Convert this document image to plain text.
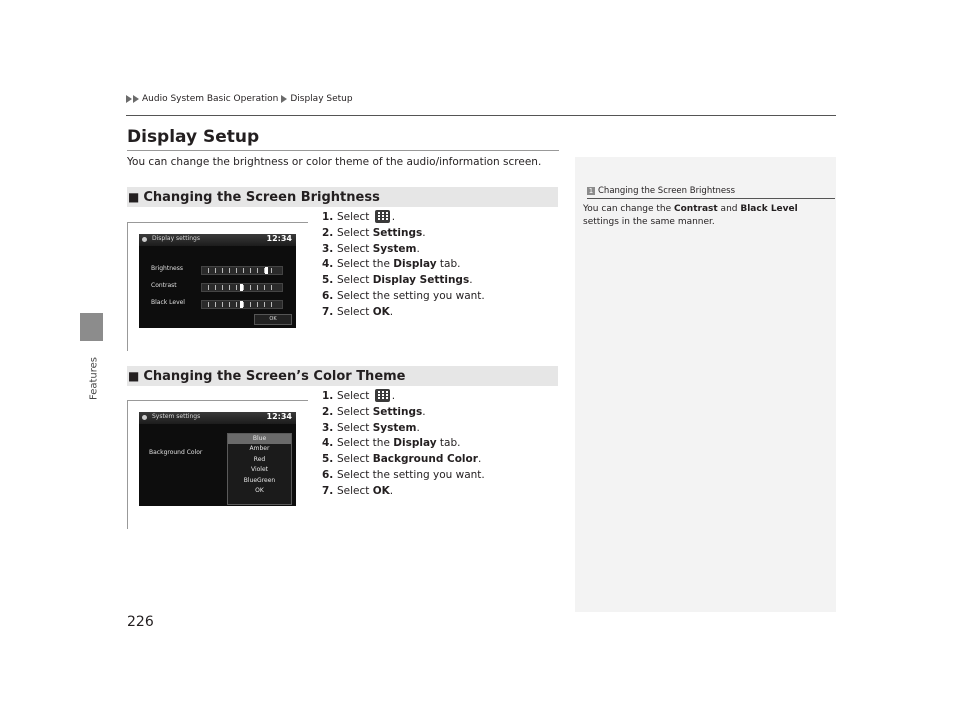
Features
Audio System Basic Operation Display Setup
Display Setup
You can change the brightness or color theme of the audio/information screen.
1 Changing the Screen Brightness
You can change the Contrast and Black Level settings in the same manner.
■ Changing the Screen Brightness
1. Select
.
2. Select Settings.
3. Select System.
4. Select the Display tab.
5. Select Display Settings.
6. Select the setting you want.
7. Select OK.
Display settings	12:34
Brightness
Contrast
Black Level
OK
■ Changing the Screen’s Color Theme
1. Select
.
2. Select Settings.
3. Select System.
4. Select the Display tab.
5. Select Background Color.
6. Select the setting you want.
7. Select OK.
System settings	12:34
Background Color
Blue
Amber
Red
Violet
BlueGreen
OK
226
